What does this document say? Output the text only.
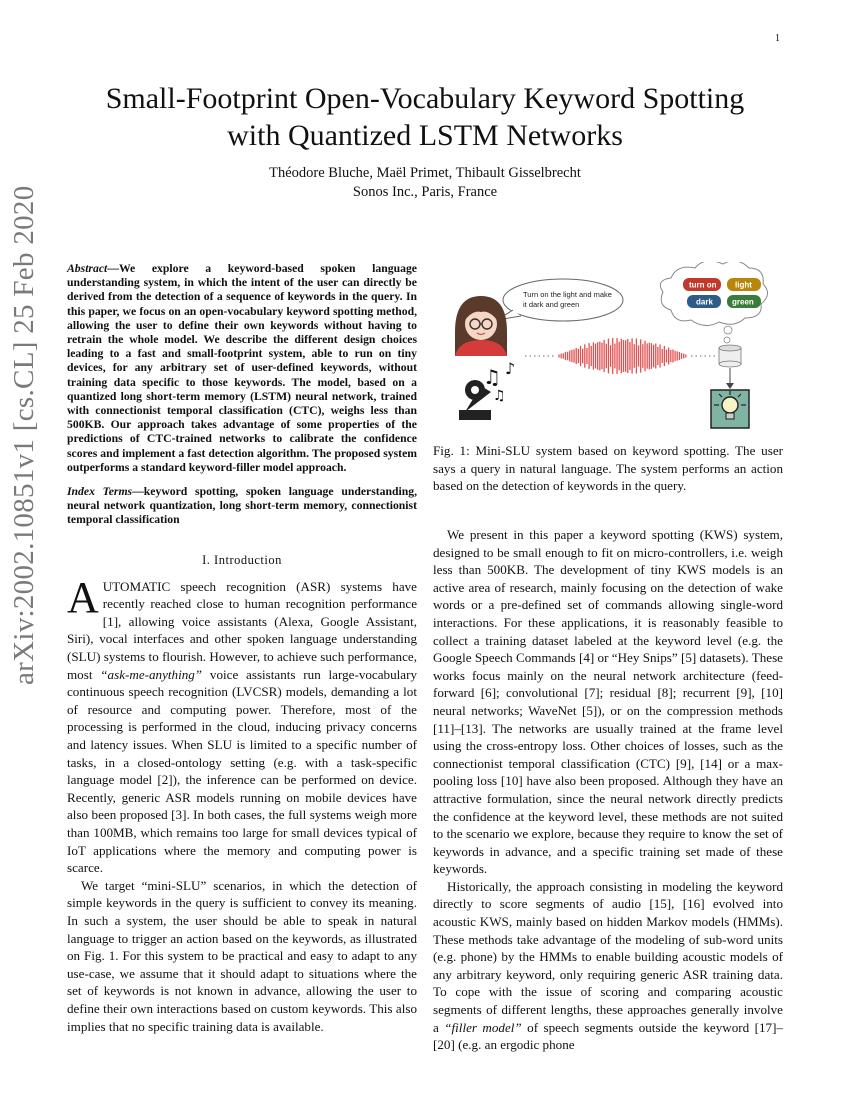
1
arXiv:2002.10851v1 [cs.CL] 25 Feb 2020
Small-Footprint Open-Vocabulary Keyword Spotting
with Quantized LSTM Networks
Théodore Bluche, Maël Primet, Thibault Gisselbrecht
Sonos Inc., Paris, France

Abstract—We explore a keyword-based spoken language understanding system, in which the intent of the user can directly be derived from the detection of a sequence of keywords in the query. In this paper, we focus on an open-vocabulary keyword spotting method, allowing the user to define their own keywords without having to retrain the whole model. We describe the different design choices leading to a fast and small-footprint system, able to run on tiny devices, for any arbitrary set of user-defined keywords, without training data specific to those keywords. The model, based on a quantized long short-term memory (LSTM) neural network, trained with connectionist temporal classification (CTC), weighs less than 500KB. Our approach takes advantage of some properties of the predictions of CTC-trained networks to calibrate the confidence scores and implement a fast detection algorithm. The proposed system outperforms a standard keyword-filler model approach.

Index Terms—keyword spotting, spoken language understanding, neural network quantization, long short-term memory, connectionist temporal classification

I. Introduction

AUTOMATIC speech recognition (ASR) systems have recently reached close to human recognition performance [1], allowing voice assistants (Alexa, Google Assistant, Siri), vocal interfaces and other spoken language understanding (SLU) systems to flourish. However, to achieve such performance, most “ask-me-anything” voice assistants run large-vocabulary continuous speech recognition (LVCSR) models, demanding a lot of resource and computing power. Therefore, most of the processing is performed in the cloud, inducing privacy concerns and latency issues. When SLU is limited to a specific number of tasks, in a closed-ontology setting (e.g. with a task-specific language model [2]), the inference can be performed on device. Recently, generic ASR models running on mobile devices have also been proposed [3]. In both cases, the full systems weigh more than 100MB, which remains too large for small devices typical of IoT applications where the memory and computing power is scarce.

We target “mini-SLU” scenarios, in which the detection of simple keywords in the query is sufficient to convey its meaning. In such a system, the user should be able to speak in natural language to trigger an action based on the keywords, as illustrated on Fig. 1. For this system to be practical and easy to adapt to any use-case, we assume that it should adapt to situations where the set of keywords is not known in advance, allowing the user to define their own interactions based on custom keywords. This also implies that no specific training data is available.

turn on light
dark green
Turn on the light and make
it dark and green
♫ ♪
♫
Fig. 1: Mini-SLU system based on keyword spotting. The user says a query in natural language. The system performs an action based on the detection of keywords in the query.

We present in this paper a keyword spotting (KWS) system, designed to be small enough to fit on micro-controllers, i.e. weigh less than 500KB. The development of tiny KWS models is an active area of research, mainly focusing on the detection of wake words or a pre-defined set of commands allowing single-word interactions. For these applications, it is reasonably feasible to collect a training dataset labeled at the keyword level (e.g. the Google Speech Commands [4] or “Hey Snips” [5] datasets). These works focus mainly on the neural network architecture (feed-forward [6]; convolutional [7]; residual [8]; recurrent [9], [10] neural networks; WaveNet [5]), or on the compression methods [11]–[13]. The networks are usually trained at the frame level using the cross-entropy loss. Other choices of losses, such as the connectionist temporal classification (CTC) [9], [14] or a max-pooling loss [10] have also been proposed. Although they have an attractive formulation, since the neural network directly predicts the confidence at the keyword level, these methods are not suited to the scenario we explore, because they require to know the set of keywords in advance, and a specific training set made of these keywords.

Historically, the approach consisting in modeling the keyword directly to score segments of audio [15], [16] evolved into acoustic KWS, mainly based on hidden Markov models (HMMs). These methods take advantage of the modeling of sub-word units (e.g. phone) by the HMMs to enable building acoustic models of any arbitrary keyword, only requiring generic ASR training data. To cope with the issue of scoring and comparing acoustic segments of different lengths, these approaches generally involve a “filler model” of speech segments outside the keyword [17]–[20] (e.g. an ergodic phone
